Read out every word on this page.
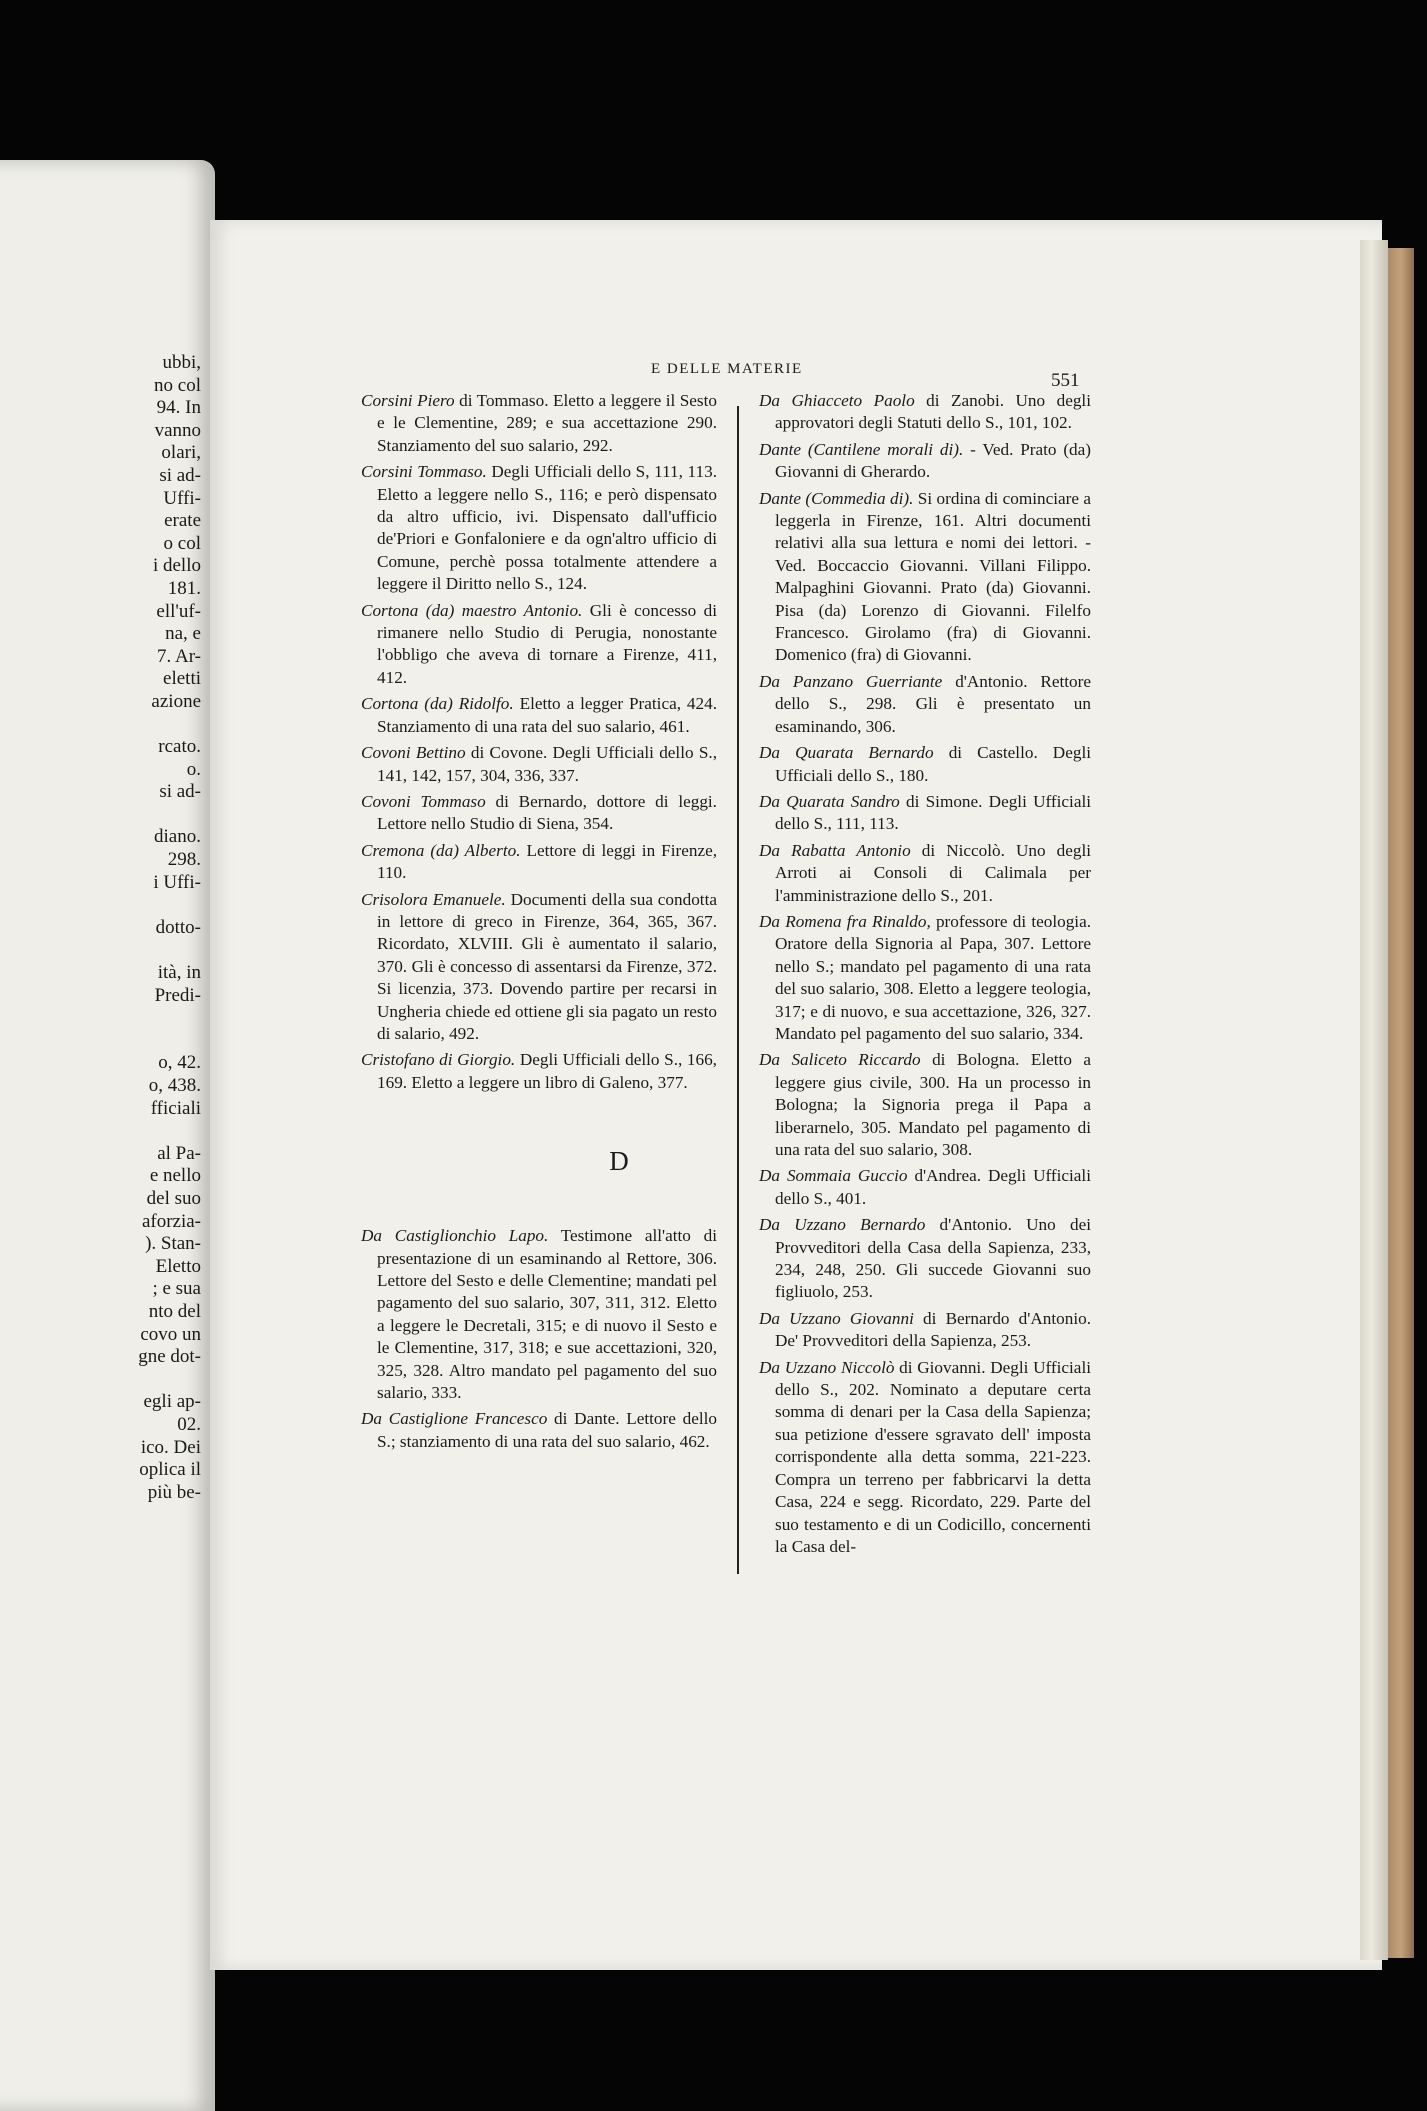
ubbi,
no col
94. In
vanno
olari,
si ad-
Uffi-
erate
o col
i dello
181.
ell'uf-
na, e
7. Ar-
eletti
azione

rcato.
o.
si ad-

diano.
298.
i Uffi-

dotto-

ità, in
Predi-

o, 42.
o, 438.
fficiali

al Pa-
e nello
del suo
aforzia-
). Stan-
Eletto
; e sua
nto del
covo un
gne dot-

egli ap-
02.
ico. Dei
oplica il
più be-
E DELLE MATERIE
551

Corsini Piero di Tommaso. Eletto a leggere il Sesto e le Clementine, 289; e sua accettazione 290. Stanziamento del suo salario, 292.

Corsini Tommaso. Degli Ufficiali dello S, 111, 113. Eletto a leggere nello S., 116; e però dispensato da altro ufficio, ivi. Dispensato dall'ufficio de'Priori e Gonfaloniere e da ogn'altro ufficio di Comune, perchè possa totalmente attendere a leggere il Diritto nello S., 124.

Cortona (da) maestro Antonio. Gli è concesso di rimanere nello Studio di Perugia, nonostante l'obbligo che aveva di tornare a Firenze, 411, 412.

Cortona (da) Ridolfo. Eletto a legger Pratica, 424. Stanziamento di una rata del suo salario, 461.

Covoni Bettino di Covone. Degli Ufficiali dello S., 141, 142, 157, 304, 336, 337.

Covoni Tommaso di Bernardo, dottore di leggi. Lettore nello Studio di Siena, 354.

Cremona (da) Alberto. Lettore di leggi in Firenze, 110.

Crisolora Emanuele. Documenti della sua condotta in lettore di greco in Firenze, 364, 365, 367. Ricordato, XLVIII. Gli è aumentato il salario, 370. Gli è concesso di assentarsi da Firenze, 372. Si licenzia, 373. Dovendo partire per recarsi in Ungheria chiede ed ottiene gli sia pagato un resto di salario, 492.

Cristofano di Giorgio. Degli Ufficiali dello S., 166, 169. Eletto a leggere un libro di Galeno, 377.

D

Da Castiglionchio Lapo. Testimone all'atto di presentazione di un esaminando al Rettore, 306. Lettore del Sesto e delle Clementine; mandati pel pagamento del suo salario, 307, 311, 312. Eletto a leggere le Decretali, 315; e di nuovo il Sesto e le Clementine, 317, 318; e sue accettazioni, 320, 325, 328. Altro mandato pel pagamento del suo salario, 333.

Da Castiglione Francesco di Dante. Lettore dello S.; stanziamento di una rata del suo salario, 462.

Da Ghiacceto Paolo di Zanobi. Uno degli approvatori degli Statuti dello S., 101, 102.

Dante (Cantilene morali di). - Ved. Prato (da) Giovanni di Gherardo.

Dante (Commedia di). Si ordina di cominciare a leggerla in Firenze, 161. Altri documenti relativi alla sua lettura e nomi dei lettori. - Ved. Boccaccio Giovanni. Villani Filippo. Malpaghini Giovanni. Prato (da) Giovanni. Pisa (da) Lorenzo di Giovanni. Filelfo Francesco. Girolamo (fra) di Giovanni. Domenico (fra) di Giovanni.

Da Panzano Guerriante d'Antonio. Rettore dello S., 298. Gli è presentato un esaminando, 306.

Da Quarata Bernardo di Castello. Degli Ufficiali dello S., 180.

Da Quarata Sandro di Simone. Degli Ufficiali dello S., 111, 113.

Da Rabatta Antonio di Niccolò. Uno degli Arroti ai Consoli di Calimala per l'amministrazione dello S., 201.

Da Romena fra Rinaldo, professore di teologia. Oratore della Signoria al Papa, 307. Lettore nello S.; mandato pel pagamento di una rata del suo salario, 308. Eletto a leggere teologia, 317; e di nuovo, e sua accettazione, 326, 327. Mandato pel pagamento del suo salario, 334.

Da Saliceto Riccardo di Bologna. Eletto a leggere gius civile, 300. Ha un processo in Bologna; la Signoria prega il Papa a liberarnelo, 305. Mandato pel pagamento di una rata del suo salario, 308.

Da Sommaia Guccio d'Andrea. Degli Ufficiali dello S., 401.

Da Uzzano Bernardo d'Antonio. Uno dei Provveditori della Casa della Sapienza, 233, 234, 248, 250. Gli succede Giovanni suo figliuolo, 253.

Da Uzzano Giovanni di Bernardo d'Antonio. De' Provveditori della Sapienza, 253.

Da Uzzano Niccolò di Giovanni. Degli Ufficiali dello S., 202. Nominato a deputare certa somma di denari per la Casa della Sapienza; sua petizione d'essere sgravato dell' imposta corrispondente alla detta somma, 221-223. Compra un terreno per fabbricarvi la detta Casa, 224 e segg. Ricordato, 229. Parte del suo testamento e di un Codicillo, concernenti la Casa del-
